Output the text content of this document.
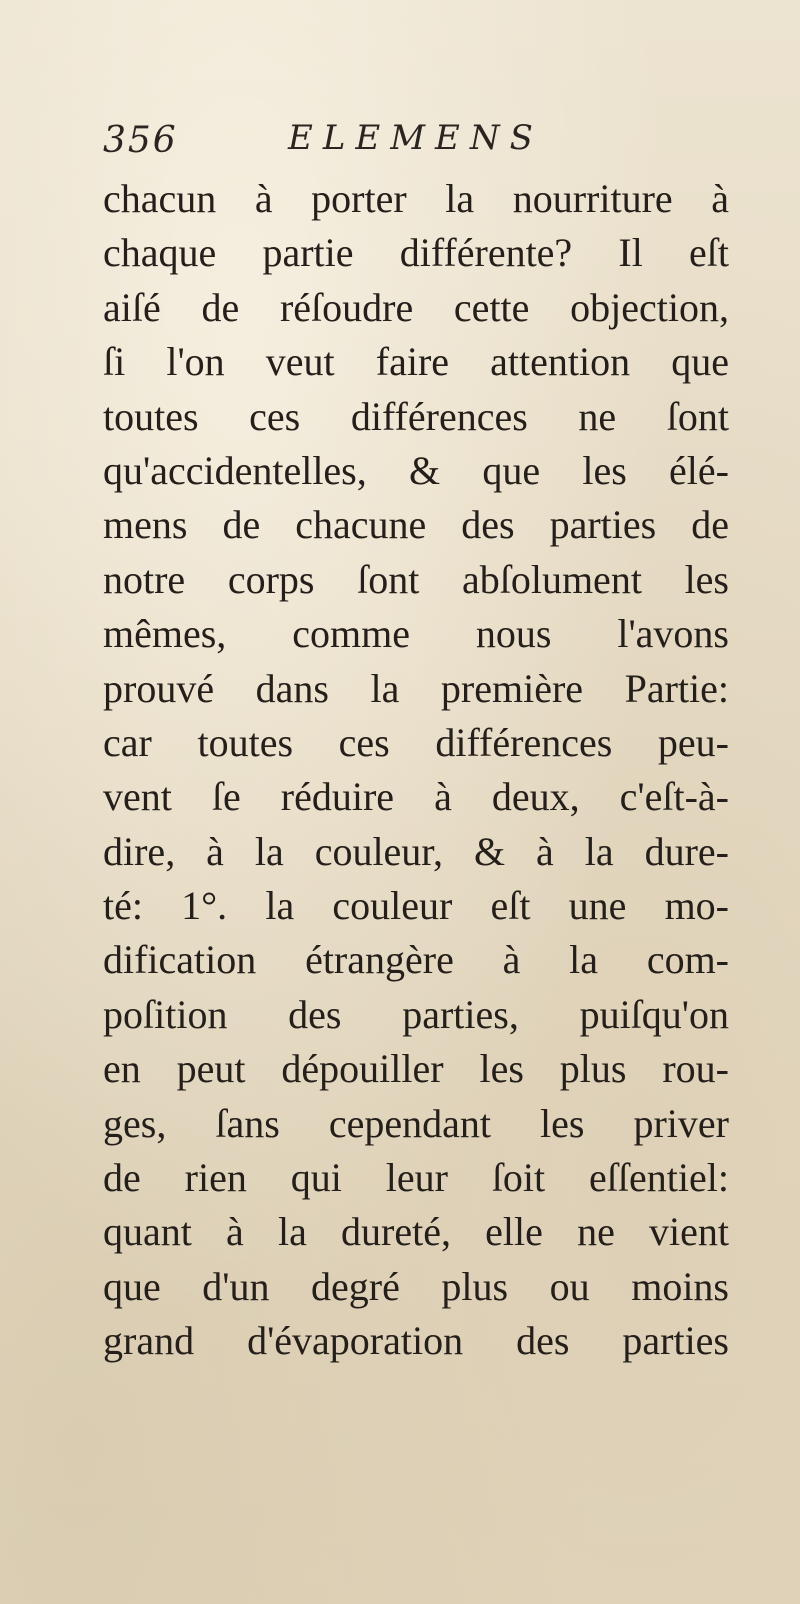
356	ELEMENS
chacun à porter la nourriture à
chaque partie différente? Il eſt
aiſé de réſoudre cette objection,
ſi l'on veut faire attention que
toutes ces différences ne ſont
qu'accidentelles, & que les élé-
mens de chacune des parties de
notre corps ſont abſolument les
mêmes, comme nous l'avons
prouvé dans la première Partie:
car toutes ces différences peu-
vent ſe réduire à deux, c'eſt-à-
dire, à la couleur, & à la dure-
té: 1°. la couleur eſt une mo-
dification étrangère à la com-
poſition des parties, puiſqu'on
en peut dépouiller les plus rou-
ges, ſans cependant les priver
de rien qui leur ſoit eſſentiel:
quant à la dureté, elle ne vient
que d'un degré plus ou moins
grand d'évaporation des parties
